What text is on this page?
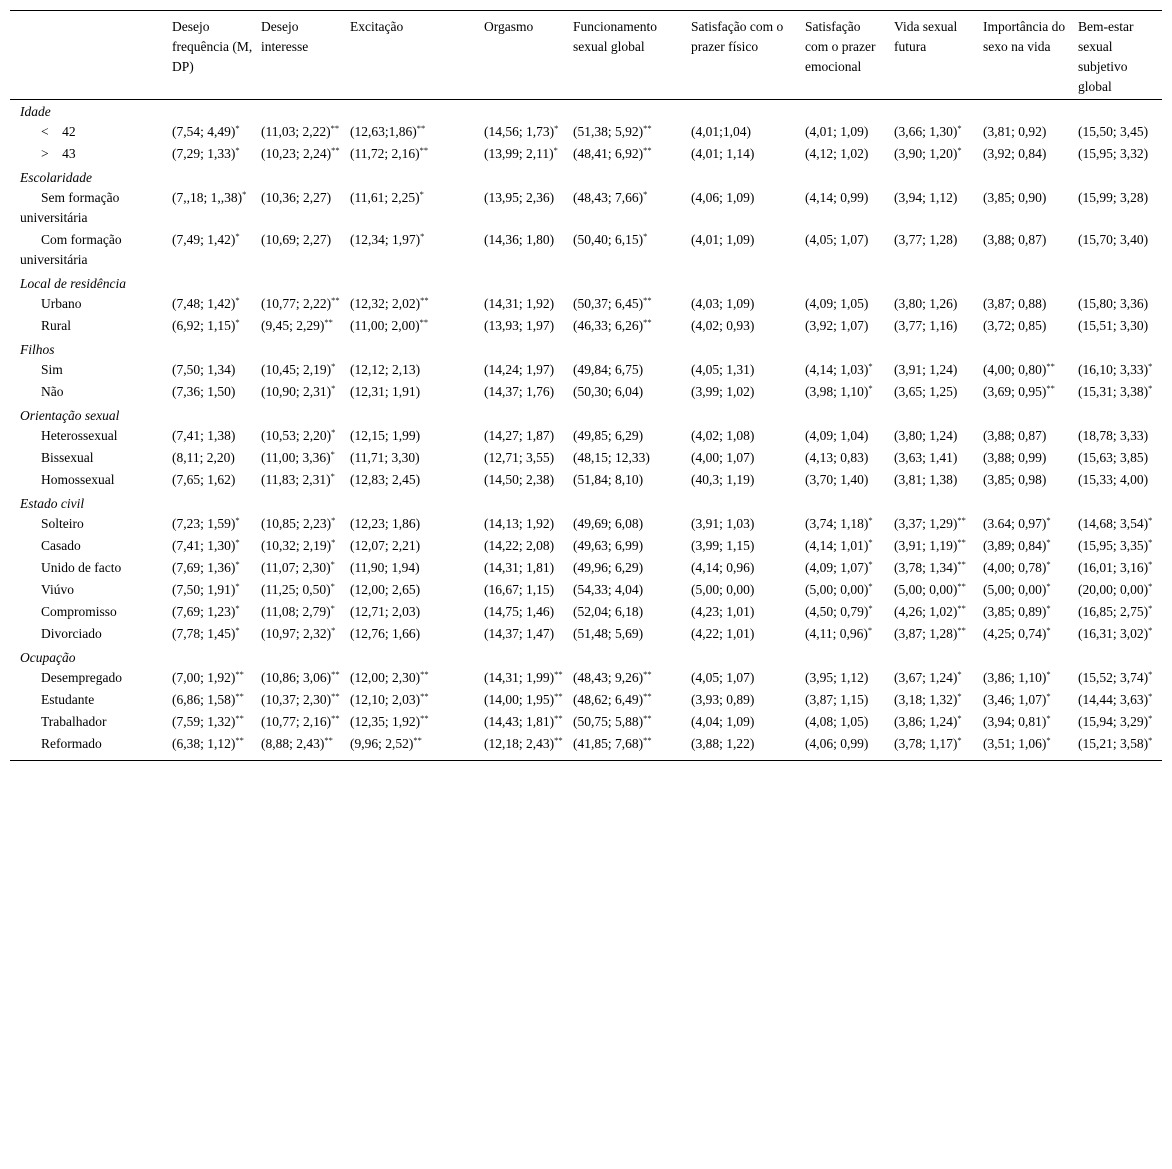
	Desejo frequência (M, DP)	Desejo interesse	Excitação	Orgasmo	Funcionamento sexual global	Satisfação com o prazer físico	Satisfação com o prazer emocional	Vida sexual futura	Importância do sexo na vida	Bem-estar sexual subjetivo global
Idade										
<    42	(7,54; 4,49)*	(11,03; 2,22)**	(12,63;1,86)**	(14,56; 1,73)*	(51,38; 5,92)**	(4,01;1,04)	(4,01; 1,09)	(3,66; 1,30)*	(3,81; 0,92)	(15,50; 3,45)
>    43	(7,29; 1,33)*	(10,23; 2,24)**	(11,72; 2,16)**	(13,99; 2,11)*	(48,41; 6,92)**	(4,01; 1,14)	(4,12; 1,02)	(3,90; 1,20)*	(3,92; 0,84)	(15,95; 3,32)
Escolaridade										
Sem formação universitária	(7,,18; 1,,38)*	(10,36; 2,27)	(11,61; 2,25)*	(13,95; 2,36)	(48,43; 7,66)*	(4,06; 1,09)	(4,14; 0,99)	(3,94; 1,12)	(3,85; 0,90)	(15,99; 3,28)
Com formação universitária	(7,49; 1,42)*	(10,69; 2,27)	(12,34; 1,97)*	(14,36; 1,80)	(50,40; 6,15)*	(4,01; 1,09)	(4,05; 1,07)	(3,77; 1,28)	(3,88; 0,87)	(15,70; 3,40)
Local de residência										
Urbano	(7,48; 1,42)*	(10,77; 2,22)**	(12,32; 2,02)**	(14,31; 1,92)	(50,37; 6,45)**	(4,03; 1,09)	(4,09; 1,05)	(3,80; 1,26)	(3,87; 0,88)	(15,80; 3,36)
Rural	(6,92; 1,15)*	(9,45; 2,29)**	(11,00; 2,00)**	(13,93; 1,97)	(46,33; 6,26)**	(4,02; 0,93)	(3,92; 1,07)	(3,77; 1,16)	(3,72; 0,85)	(15,51; 3,30)
Filhos										
Sim	(7,50; 1,34)	(10,45; 2,19)*	(12,12; 2,13)	(14,24; 1,97)	(49,84; 6,75)	(4,05; 1,31)	(4,14; 1,03)*	(3,91; 1,24)	(4,00; 0,80)**	(16,10; 3,33)*
Não	(7,36; 1,50)	(10,90; 2,31)*	(12,31; 1,91)	(14,37; 1,76)	(50,30; 6,04)	(3,99; 1,02)	(3,98; 1,10)*	(3,65; 1,25)	(3,69; 0,95)**	(15,31; 3,38)*
Orientação sexual										
Heterossexual	(7,41; 1,38)	(10,53; 2,20)*	(12,15; 1,99)	(14,27; 1,87)	(49,85; 6,29)	(4,02; 1,08)	(4,09; 1,04)	(3,80; 1,24)	(3,88; 0,87)	(18,78; 3,33)
Bissexual	(8,11; 2,20)	(11,00; 3,36)*	(11,71; 3,30)	(12,71; 3,55)	(48,15; 12,33)	(4,00; 1,07)	(4,13; 0,83)	(3,63; 1,41)	(3,88; 0,99)	(15,63; 3,85)
Homossexual	(7,65; 1,62)	(11,83; 2,31)*	(12,83; 2,45)	(14,50; 2,38)	(51,84; 8,10)	(40,3; 1,19)	(3,70; 1,40)	(3,81; 1,38)	(3,85; 0,98)	(15,33; 4,00)
Estado civil										
Solteiro	(7,23; 1,59)*	(10,85; 2,23)*	(12,23; 1,86)	(14,13; 1,92)	(49,69; 6,08)	(3,91; 1,03)	(3,74; 1,18)*	(3,37; 1,29)**	(3.64; 0,97)*	(14,68; 3,54)*
Casado	(7,41; 1,30)*	(10,32; 2,19)*	(12,07; 2,21)	(14,22; 2,08)	(49,63; 6,99)	(3,99; 1,15)	(4,14; 1,01)*	(3,91; 1,19)**	(3,89; 0,84)*	(15,95; 3,35)*
Unido de facto	(7,69; 1,36)*	(11,07; 2,30)*	(11,90; 1,94)	(14,31; 1,81)	(49,96; 6,29)	(4,14; 0,96)	(4,09; 1,07)*	(3,78; 1,34)**	(4,00; 0,78)*	(16,01; 3,16)*
Viúvo	(7,50; 1,91)*	(11,25; 0,50)*	(12,00; 2,65)	(16,67; 1,15)	(54,33; 4,04)	(5,00; 0,00)	(5,00; 0,00)*	(5,00; 0,00)**	(5,00; 0,00)*	(20,00; 0,00)*
Compromisso	(7,69; 1,23)*	(11,08; 2,79)*	(12,71; 2,03)	(14,75; 1,46)	(52,04; 6,18)	(4,23; 1,01)	(4,50; 0,79)*	(4,26; 1,02)**	(3,85; 0,89)*	(16,85; 2,75)*
Divorciado	(7,78; 1,45)*	(10,97; 2,32)*	(12,76; 1,66)	(14,37; 1,47)	(51,48; 5,69)	(4,22; 1,01)	(4,11; 0,96)*	(3,87; 1,28)**	(4,25; 0,74)*	(16,31; 3,02)*
Ocupação										
Desempregado	(7,00; 1,92)**	(10,86; 3,06)**	(12,00; 2,30)**	(14,31; 1,99)**	(48,43; 9,26)**	(4,05; 1,07)	(3,95; 1,12)	(3,67; 1,24)*	(3,86; 1,10)*	(15,52; 3,74)*
Estudante	(6,86; 1,58)**	(10,37; 2,30)**	(12,10; 2,03)**	(14,00; 1,95)**	(48,62; 6,49)**	(3,93; 0,89)	(3,87; 1,15)	(3,18; 1,32)*	(3,46; 1,07)*	(14,44; 3,63)*
Trabalhador	(7,59; 1,32)**	(10,77; 2,16)**	(12,35; 1,92)**	(14,43; 1,81)**	(50,75; 5,88)**	(4,04; 1,09)	(4,08; 1,05)	(3,86; 1,24)*	(3,94; 0,81)*	(15,94; 3,29)*
Reformado	(6,38; 1,12)**	(8,88; 2,43)**	(9,96; 2,52)**	(12,18; 2,43)**	(41,85; 7,68)**	(3,88; 1,22)	(4,06; 0,99)	(3,78; 1,17)*	(3,51; 1,06)*	(15,21; 3,58)*
